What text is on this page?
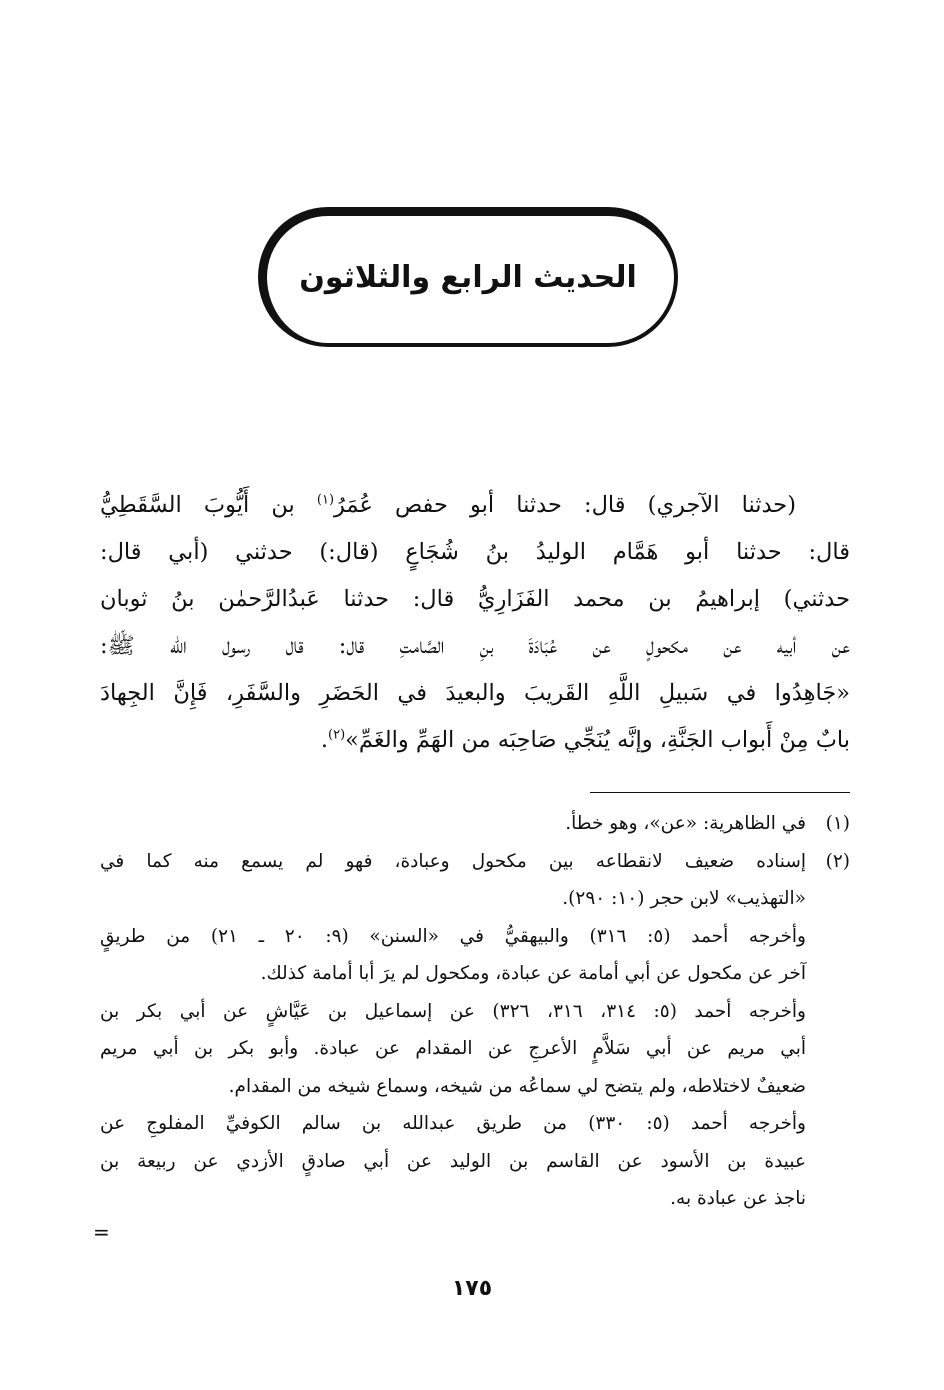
الحديث الرابع والثلاثون
(حدثنا الآجري) قال: حدثنا أبو حفص عُمَرُ$^{(١)}$ بن أَيُّوبَ السَّقَطِيُّ
قال: حدثنا أبو هَمَّام الوليدُ بنُ شُجَاعٍ (قال:) حدثني (أبي قال:
حدثني) إبراهيمُ بن محمد الفَزَارِيُّ قال: حدثنا عَبدُالرَّحمٰن بنُ ثوبان
عن أبيه عن مكحولٍ عن عُبَادَةَ بنِ الصَّامتِ قال: قال رسول الله ﷺ:
«جَاهِدُوا في سَبيلِ اللَّهِ القَريبَ والبعيدَ في الحَضَرِ والسَّفَرِ، فَإِنَّ الجِهادَ
بابٌ مِنْ أَبواب الجَنَّةِ، وإنَّه يُنَجِّي صَاحِبَه من الهَمِّ والغَمِّ»$^{(٢)}$.
(١)في الظاهرية: «عن»، وهو خطأ.
(٢)إسناده ضعيف لانقطاعه بين مكحول وعبادة، فهو لم يسمع منه كما في
«التهذيب» لابن حجر (١٠: ٢٩٠).
وأخرجه أحمد (٥: ٣١٦) والبيهقيُّ في «السنن» (٩: ٢٠ ـ ٢١) من طريقٍ
آخر عن مكحول عن أبي أمامة عن عبادة، ومكحول لم يرَ أبا أمامة كذلك.
وأخرجه أحمد (٥: ٣١٤، ٣١٦، ٣٢٦) عن إسماعيل بن عَيَّاشٍ عن أبي بكر بن
أبي مريم عن أبي سَلاَّمٍ الأعرجِ عن المقدام عن عبادة. وأبو بكر بن أبي مريم
ضعيفٌ لاختلاطه، ولم يتضح لي سماعُه من شيخه، وسماع شيخه من المقدام.
وأخرجه أحمد (٥: ٣٣٠) من طريق عبدالله بن سالم الكوفيِّ المفلوجِ عن
عبيدة بن الأسود عن القاسم بن الوليد عن أبي صادقٍ الأزدي عن ربيعة بن
ناجذ عن عبادة به.
=
١٧٥
